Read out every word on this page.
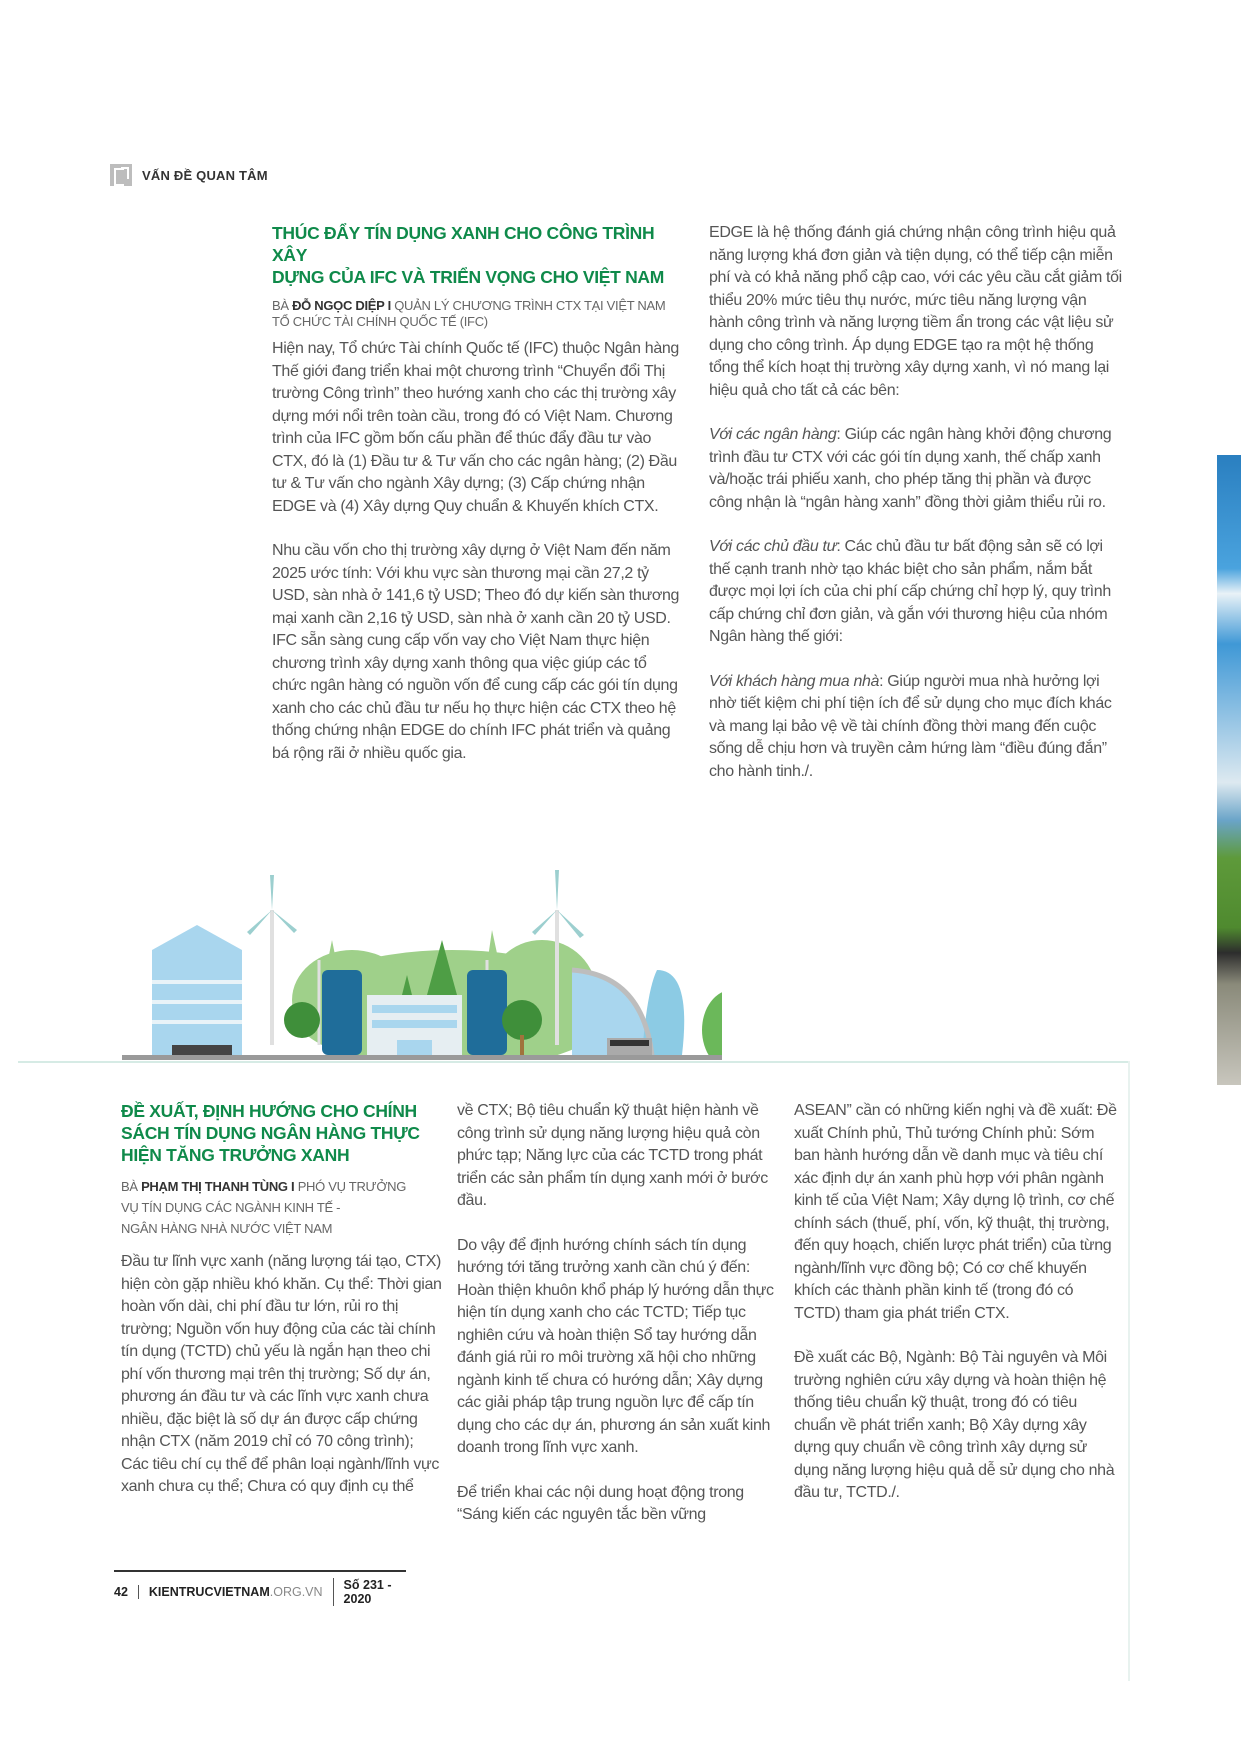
VẤN ĐỀ QUAN TÂM
THÚC ĐẨY TÍN DỤNG XANH CHO CÔNG TRÌNH XÂY
DỰNG CỦA IFC VÀ TRIỂN VỌNG CHO VIỆT NAM
BÀ ĐỖ NGỌC DIỆP I QUẢN LÝ CHƯƠNG TRÌNH CTX TẠI VIỆT NAM
TỔ CHỨC TÀI CHÍNH QUỐC TẾ (IFC)

Hiện nay, Tổ chức Tài chính Quốc tế (IFC) thuộc Ngân hàng Thế giới đang triển khai một chương trình “Chuyển đổi Thị trường Công trình” theo hướng xanh cho các thị trường xây dựng mới nổi trên toàn cầu, trong đó có Việt Nam. Chương trình của IFC gồm bốn cấu phần để thúc đẩy đầu tư vào CTX, đó là (1) Đầu tư & Tư vấn cho các ngân hàng; (2) Đầu tư & Tư vấn cho ngành Xây dựng; (3) Cấp chứng nhận EDGE và (4) Xây dựng Quy chuẩn & Khuyến khích CTX.

Nhu cầu vốn cho thị trường xây dựng ở Việt Nam đến năm 2025 ước tính: Với khu vực sàn thương mại cần 27,2 tỷ USD, sàn nhà ở 141,6 tỷ USD; Theo đó dự kiến sàn thương mại xanh cần 2,16 tỷ USD, sàn nhà ở xanh cần 20 tỷ USD. IFC sẵn sàng cung cấp vốn vay cho Việt Nam thực hiện chương trình xây dựng xanh thông qua việc giúp các tổ chức ngân hàng có nguồn vốn để cung cấp các gói tín dụng xanh cho các chủ đầu tư nếu họ thực hiện các CTX theo hệ thống chứng nhận EDGE do chính IFC phát triển và quảng bá rộng rãi ở nhiều quốc gia.

EDGE là hệ thống đánh giá chứng nhận công trình hiệu quả năng lượng khá đơn giản và tiện dụng, có thể tiếp cận miễn phí và có khả năng phổ cập cao, với các yêu cầu cắt giảm tối thiểu 20% mức tiêu thụ nước, mức tiêu năng lượng vận hành công trình và năng lượng tiềm ẩn trong các vật liệu sử dụng cho công trình. Áp dụng EDGE tạo ra một hệ thống tổng thể kích hoạt thị trường xây dựng xanh, vì nó mang lại hiệu quả cho tất cả các bên:

Với các ngân hàng: Giúp các ngân hàng khởi động chương trình đầu tư CTX với các gói tín dụng xanh, thế chấp xanh và/hoặc trái phiếu xanh, cho phép tăng thị phần và được công nhận là “ngân hàng xanh” đồng thời giảm thiểu rủi ro.

Với các chủ đầu tư: Các chủ đầu tư bất động sản sẽ có lợi thế cạnh tranh nhờ tạo khác biệt cho sản phẩm, nắm bắt được mọi lợi ích của chi phí cấp chứng chỉ hợp lý, quy trình cấp chứng chỉ đơn giản, và gắn với thương hiệu của nhóm Ngân hàng thế giới:

Với khách hàng mua nhà: Giúp người mua nhà hưởng lợi nhờ tiết kiệm chi phí tiện ích để sử dụng cho mục đích khác và mang lại bảo vệ về tài chính đồng thời mang đến cuộc sống dễ chịu hơn và truyền cảm hứng làm “điều đúng đắn” cho hành tinh./.

ĐỀ XUẤT, ĐỊNH HƯỚNG CHO CHÍNH
SÁCH TÍN DỤNG NGÂN HÀNG THỰC
HIỆN TĂNG TRƯỞNG XANH
BÀ PHẠM THỊ THANH TÙNG I PHÓ VỤ TRƯỞNG
VỤ TÍN DỤNG CÁC NGÀNH KINH TẾ -
NGÂN HÀNG NHÀ NƯỚC VIỆT NAM

Đầu tư lĩnh vực xanh (năng lượng tái tạo, CTX) hiện còn gặp nhiều khó khăn. Cụ thể: Thời gian hoàn vốn dài, chi phí đầu tư lớn, rủi ro thị trường; Nguồn vốn huy động của các tài chính tín dụng (TCTD) chủ yếu là ngắn hạn theo chi phí vốn thương mại trên thị trường; Số dự án, phương án đầu tư và các lĩnh vực xanh chưa nhiều, đặc biệt là số dự án được cấp chứng nhận CTX (năm 2019 chỉ có 70 công trình); Các tiêu chí cụ thể để phân loại ngành/lĩnh vực xanh chưa cụ thể; Chưa có quy định cụ thể

về CTX; Bộ tiêu chuẩn kỹ thuật hiện hành về công trình sử dụng năng lượng hiệu quả còn phức tạp; Năng lực của các TCTD trong phát triển các sản phẩm tín dụng xanh mới ở bước đầu.

Do vậy để định hướng chính sách tín dụng hướng tới tăng trưởng xanh cần chú ý đến: Hoàn thiện khuôn khổ pháp lý hướng dẫn thực hiện tín dụng xanh cho các TCTD; Tiếp tục nghiên cứu và hoàn thiện Sổ tay hướng dẫn đánh giá rủi ro môi trường xã hội cho những ngành kinh tế chưa có hướng dẫn; Xây dựng các giải pháp tập trung nguồn lực để cấp tín dụng cho các dự án, phương án sản xuất kinh doanh trong lĩnh vực xanh.

Để triển khai các nội dung hoạt động trong “Sáng kiến các nguyên tắc bền vững

ASEAN” cần có những kiến nghị và đề xuất: Đề xuất Chính phủ, Thủ tướng Chính phủ: Sớm ban hành hướng dẫn về danh mục và tiêu chí xác định dự án xanh phù hợp với phân ngành kinh tế của Việt Nam; Xây dựng lộ trình, cơ chế chính sách (thuế, phí, vốn, kỹ thuật, thị trường, đến quy hoạch, chiến lược phát triển) của từng ngành/lĩnh vực đồng bộ; Có cơ chế khuyến khích các thành phần kinh tế (trong đó có TCTD) tham gia phát triển CTX.

Đề xuất các Bộ, Ngành: Bộ Tài nguyên và Môi trường nghiên cứu xây dựng và hoàn thiện hệ thống tiêu chuẩn kỹ thuật, trong đó có tiêu chuẩn về phát triển xanh; Bộ Xây dựng xây dựng quy chuẩn về công trình xây dựng sử dụng năng lượng hiệu quả dễ sử dụng cho nhà đầu tư, TCTD./.

42	KIENTRUCVIETNAM.ORG.VN	Số 231 - 2020
